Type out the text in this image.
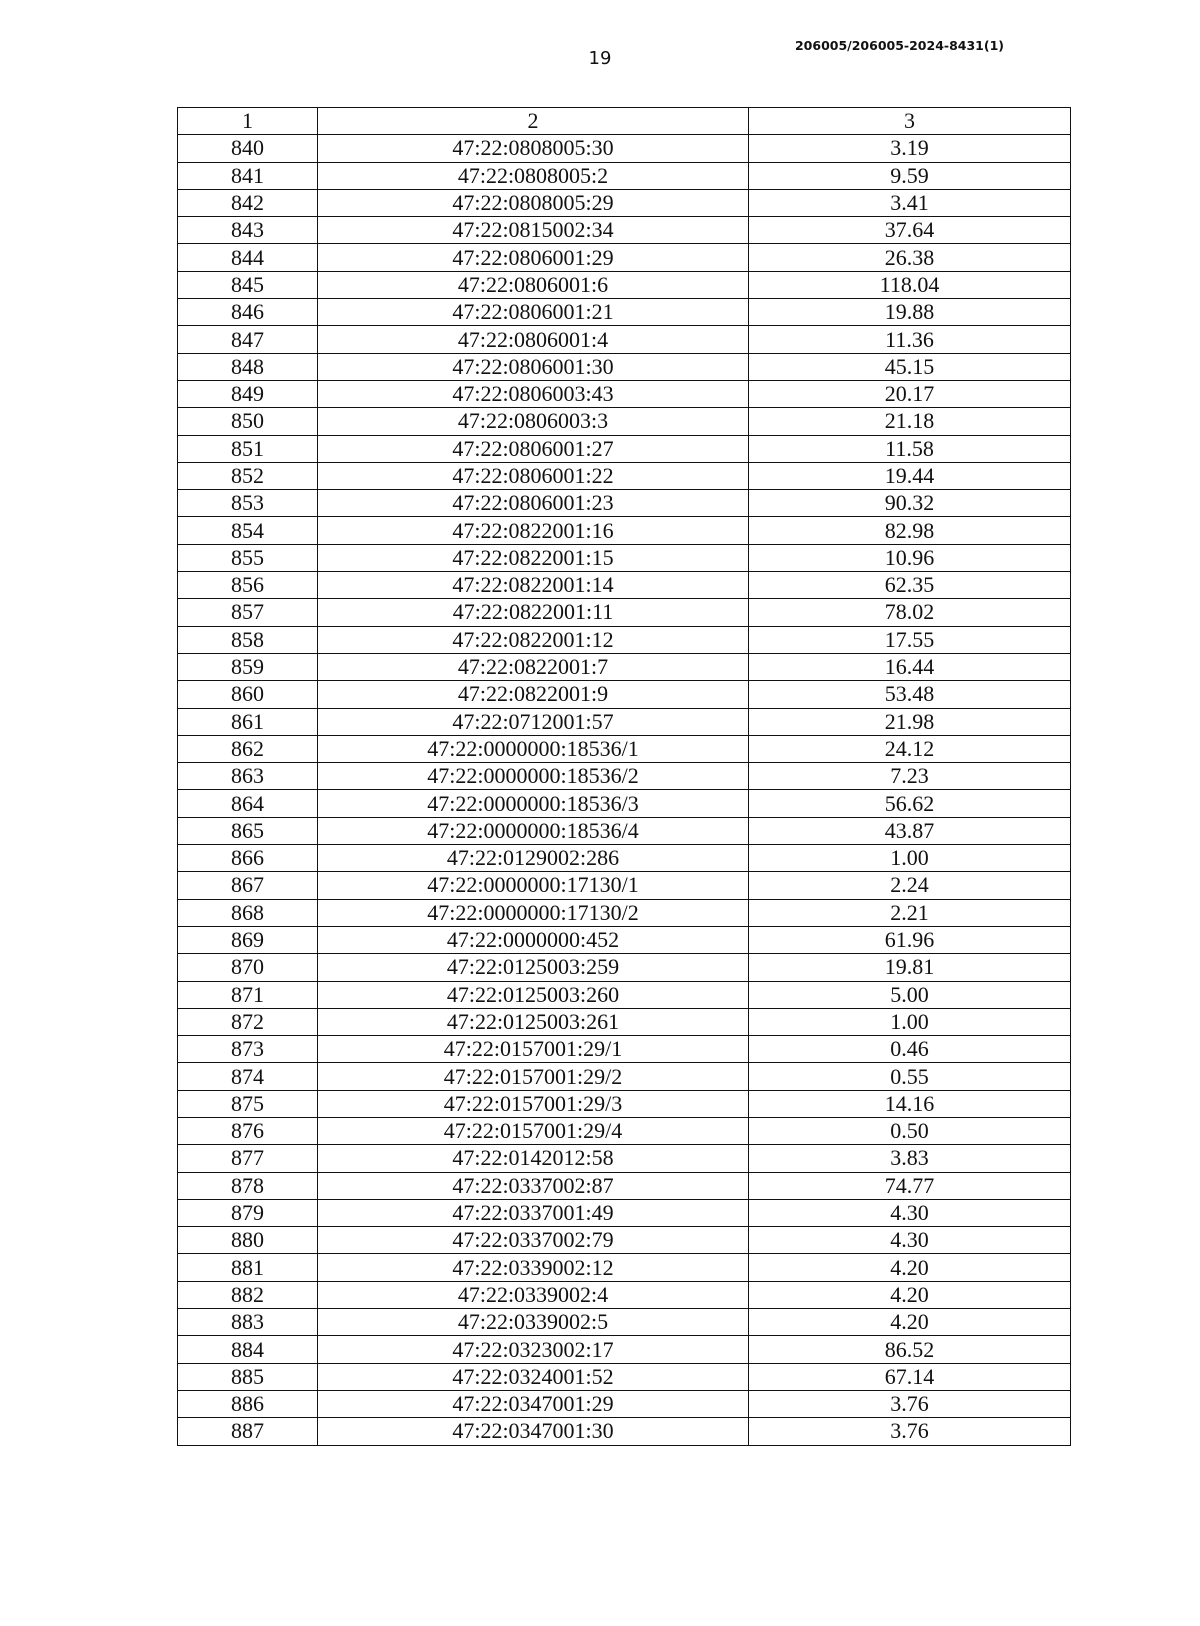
19
206005/206005-2024-8431(1)
1	2	3
840	47:22:0808005:30	3.19
841	47:22:0808005:2	9.59
842	47:22:0808005:29	3.41
843	47:22:0815002:34	37.64
844	47:22:0806001:29	26.38
845	47:22:0806001:6	118.04
846	47:22:0806001:21	19.88
847	47:22:0806001:4	11.36
848	47:22:0806001:30	45.15
849	47:22:0806003:43	20.17
850	47:22:0806003:3	21.18
851	47:22:0806001:27	11.58
852	47:22:0806001:22	19.44
853	47:22:0806001:23	90.32
854	47:22:0822001:16	82.98
855	47:22:0822001:15	10.96
856	47:22:0822001:14	62.35
857	47:22:0822001:11	78.02
858	47:22:0822001:12	17.55
859	47:22:0822001:7	16.44
860	47:22:0822001:9	53.48
861	47:22:0712001:57	21.98
862	47:22:0000000:18536/1	24.12
863	47:22:0000000:18536/2	7.23
864	47:22:0000000:18536/3	56.62
865	47:22:0000000:18536/4	43.87
866	47:22:0129002:286	1.00
867	47:22:0000000:17130/1	2.24
868	47:22:0000000:17130/2	2.21
869	47:22:0000000:452	61.96
870	47:22:0125003:259	19.81
871	47:22:0125003:260	5.00
872	47:22:0125003:261	1.00
873	47:22:0157001:29/1	0.46
874	47:22:0157001:29/2	0.55
875	47:22:0157001:29/3	14.16
876	47:22:0157001:29/4	0.50
877	47:22:0142012:58	3.83
878	47:22:0337002:87	74.77
879	47:22:0337001:49	4.30
880	47:22:0337002:79	4.30
881	47:22:0339002:12	4.20
882	47:22:0339002:4	4.20
883	47:22:0339002:5	4.20
884	47:22:0323002:17	86.52
885	47:22:0324001:52	67.14
886	47:22:0347001:29	3.76
887	47:22:0347001:30	3.76
